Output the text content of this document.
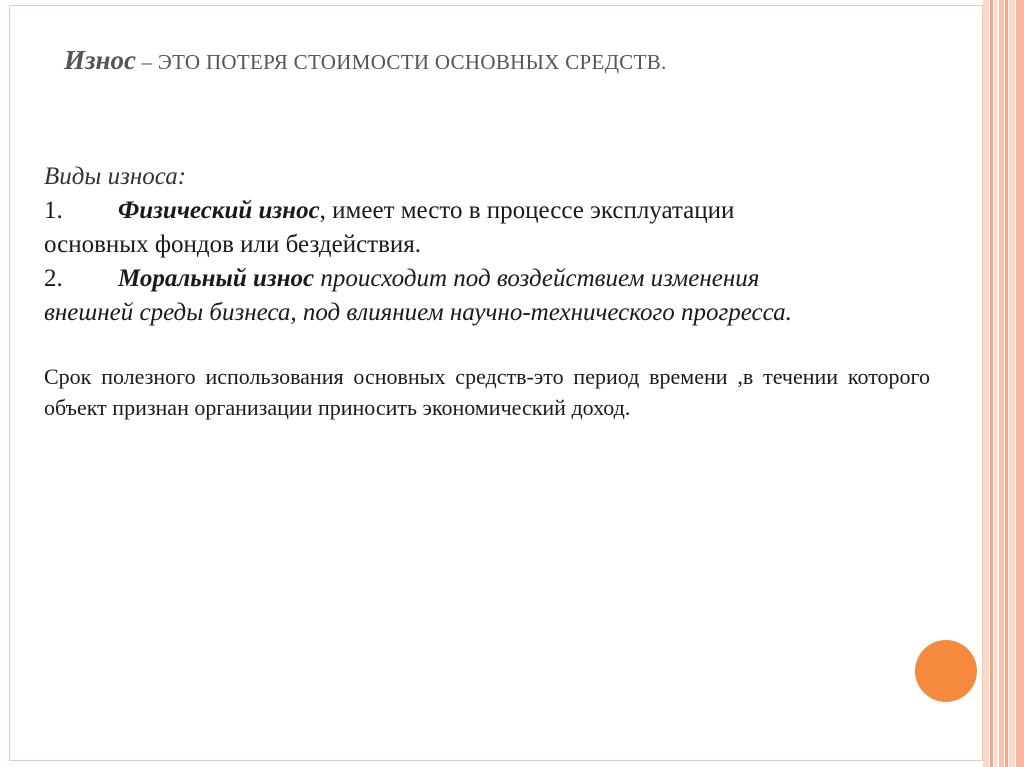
Износ – ЭТО ПОТЕРЯ СТОИМОСТИ ОСНОВНЫХ СРЕДСТВ.

Виды износа:

1. Физический износ, имеет место в процессе эксплуатации

основных фондов или бездействия.

2. Моральный износ происходит под воздействием изменения

внешней среды бизнеса, под влиянием научно-технического прогресса.

Срок полезного использования основных средств-это период времени ,в течении которого объект признан организации приносить экономический доход.
